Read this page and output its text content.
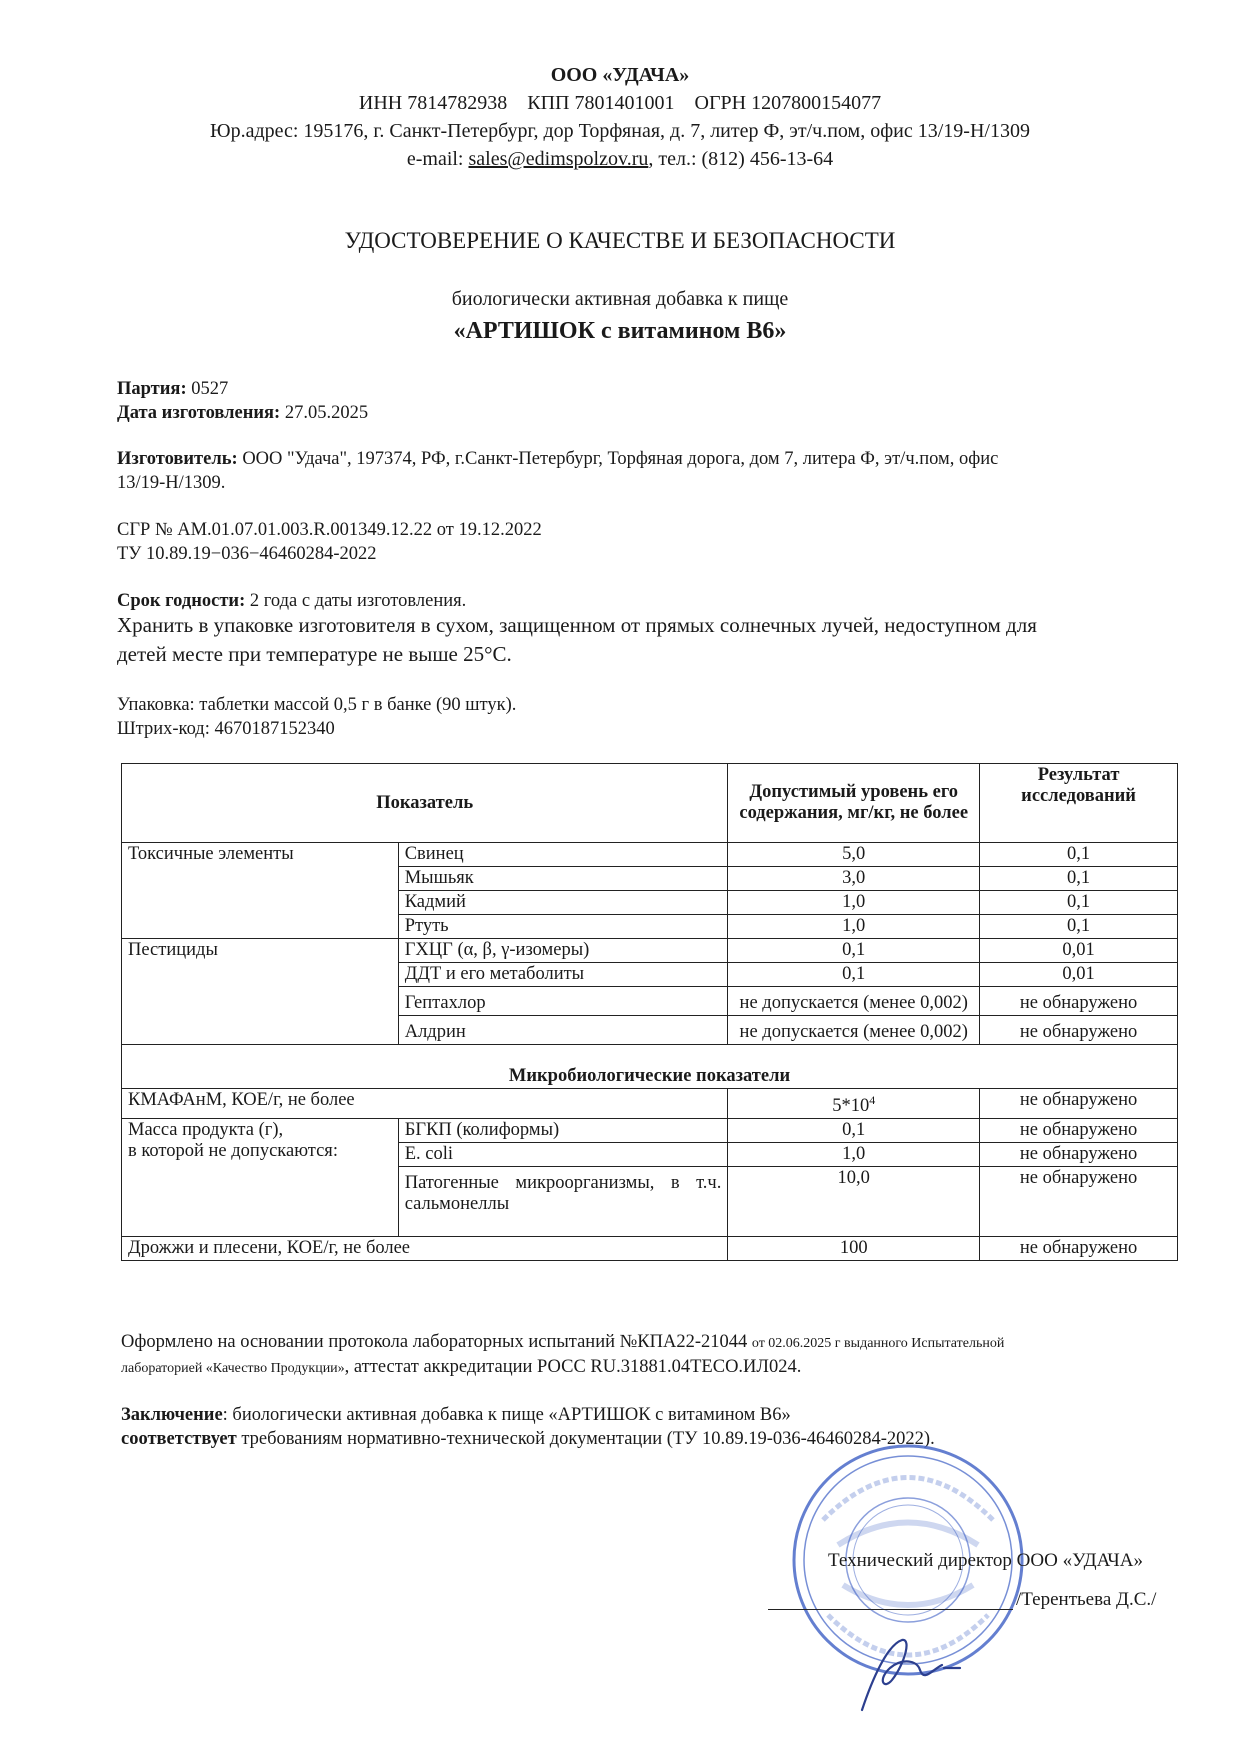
ООО «УДАЧА»
ИНН 7814782938 КПП 7801401001 ОГРН 1207800154077
Юр.адрес: 195176, г. Санкт-Петербург, дор Торфяная, д. 7, литер Ф, эт/ч.пом, офис 13/19-Н/1309
e-mail: sales@edimspolzov.ru, тел.: (812) 456-13-64
УДОСТОВЕРЕНИЕ О КАЧЕСТВЕ И БЕЗОПАСНОСТИ
биологически активная добавка к пище
«АРТИШОК с витамином В6»
Партия: 0527
Дата изготовления: 27.05.2025
Изготовитель: ООО "Удача", 197374, РФ, г.Санкт-Петербург, Торфяная дорога, дом 7, литера Ф, эт/ч.пом, офис
13/19-Н/1309.
СГР № AM.01.07.01.003.R.001349.12.22 от 19.12.2022
ТУ 10.89.19−036−46460284-2022
Срок годности: 2 года с даты изготовления.
Хранить в упаковке изготовителя в сухом, защищенном от прямых солнечных лучей, недоступном для
детей месте при температуре не выше 25°С.
Упаковка: таблетки массой 0,5 г в банке (90 штук).
Штрих-код: 4670187152340
Показатель		Допустимый уровень его содержания, мг/кг, не более	Результат исследований
Токсичные элементы	Свинец	5,0	0,1
	Мышьяк	3,0	0,1
	Кадмий	1,0	0,1
	Ртуть	1,0	0,1
Пестициды	ГХЦГ (α, β, γ-изомеры)	0,1	0,01
	ДДТ и его метаболиты	0,1	0,01
	Гептахлор	не допускается (менее 0,002)	не обнаружено
	Алдрин	не допускается (менее 0,002)	не обнаружено
Микробиологические показатели			
КМАФАнМ, КОЕ/г, не более		$5*10^4$	не обнаружено

Масса продукта (г),
в которой не допускаются:	БГКП (колиформы)	0,1	не обнаружено
	E. coli	1,0	не обнаружено
	Патогенные микроорганизмы, в т.ч. сальмонеллы	10,0	не обнаружено
Дрожжи и плесени, КОЕ/г, не более		100	не обнаружено
Оформлено на основании протокола лабораторных испытаний №КПА22-21044 от 02.06.2025 г выданного Испытательной
лабораторией «Качество Продукции», аттестат аккредитации РОСС RU.31881.04ТЕСО.ИЛ024.
Заключение: биологически активная добавка к пище «АРТИШОК с витамином В6»
соответствует требованиям нормативно-технической документации (ТУ 10.89.19-036-46460284-2022).
Технический директор ООО «УДАЧА»
/Терентьева Д.С./
